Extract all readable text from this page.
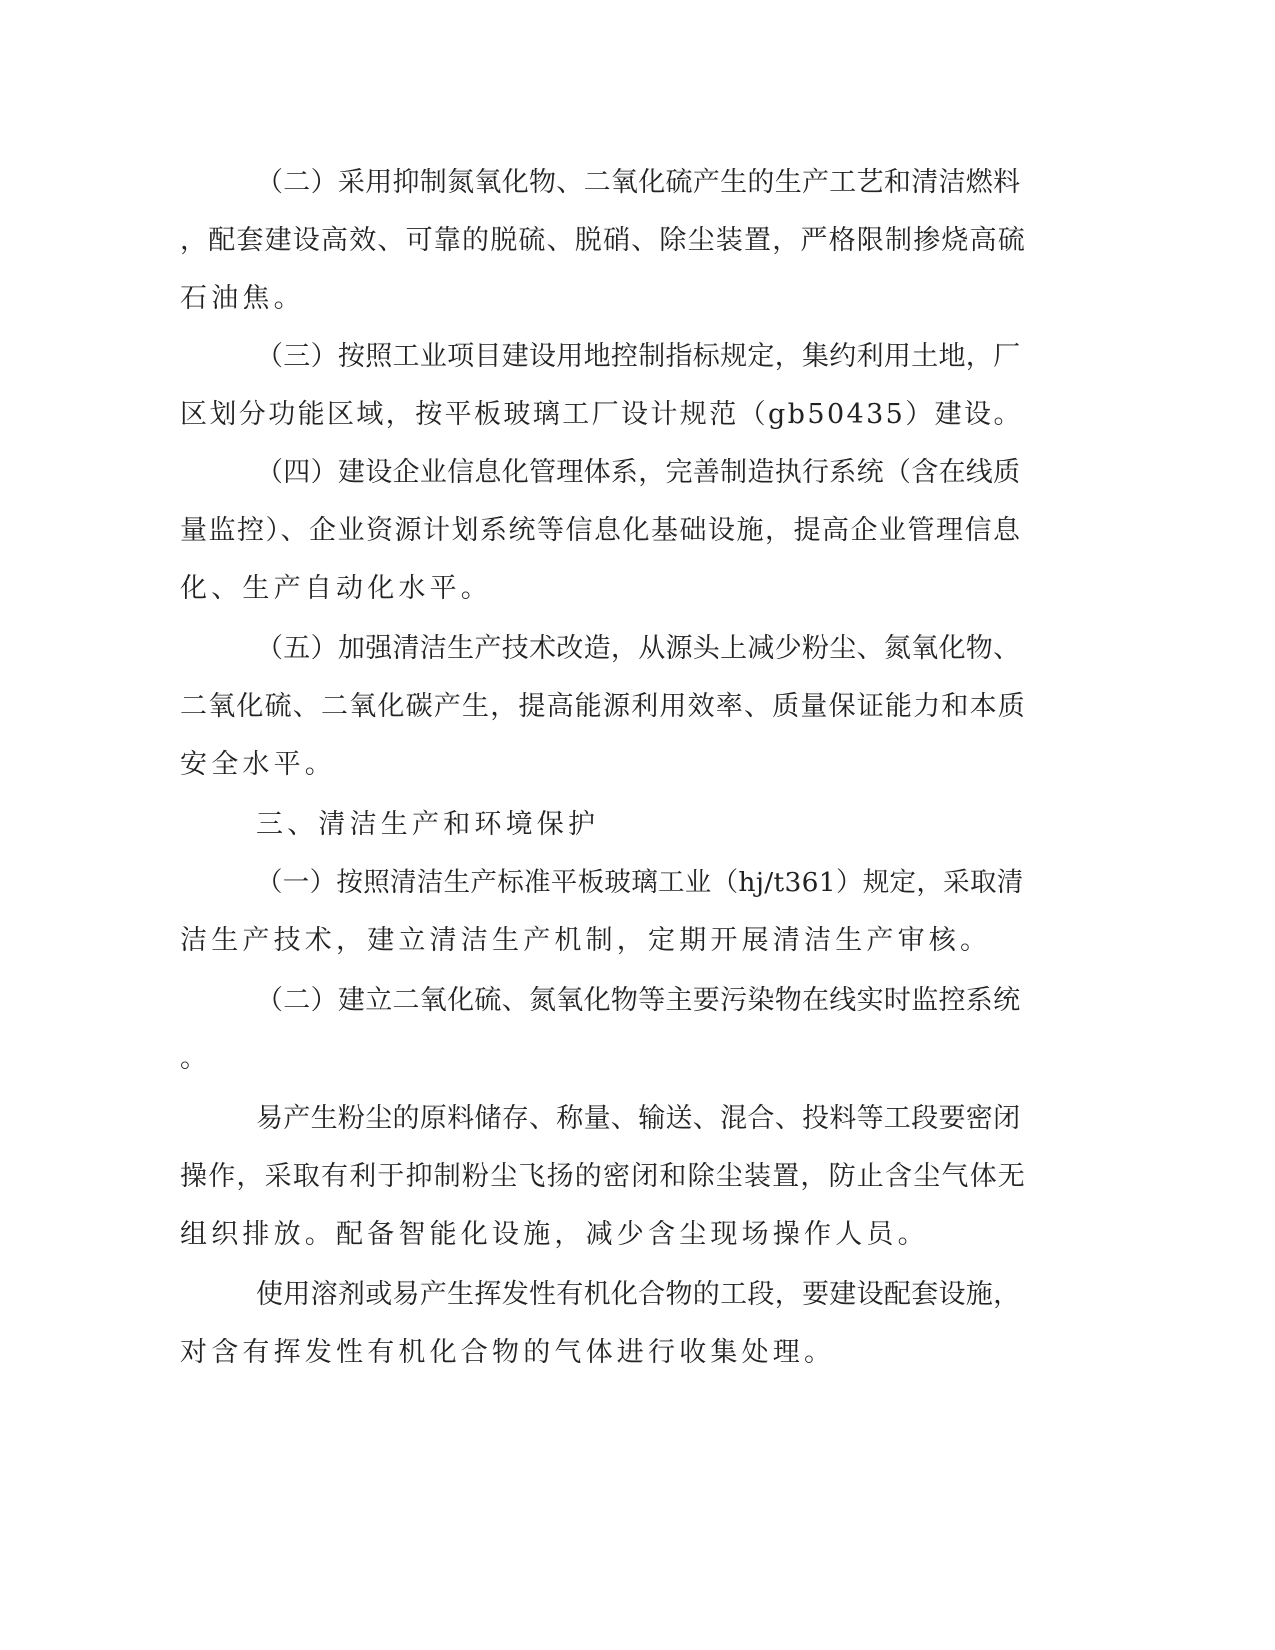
（二）采用抑制氮氧化物、二氧化硫产生的生产工艺和清洁燃料

，配套建设高效、可靠的脱硫、脱硝、除尘装置，严格限制掺烧高硫

石油焦。

（三）按照工业项目建设用地控制指标规定，集约利用土地，厂

区划分功能区域，按平板玻璃工厂设计规范（gb50435）建设。

（四）建设企业信息化管理体系，完善制造执行系统（含在线质

量监控）、企业资源计划系统等信息化基础设施，提高企业管理信息

化、生产自动化水平。

（五）加强清洁生产技术改造，从源头上减少粉尘、氮氧化物、

二氧化硫、二氧化碳产生，提高能源利用效率、质量保证能力和本质

安全水平。

三、清洁生产和环境保护

（一）按照清洁生产标准平板玻璃工业（hj/t361）规定，采取清

洁生产技术，建立清洁生产机制，定期开展清洁生产审核。

（二）建立二氧化硫、氮氧化物等主要污染物在线实时监控系统

。

易产生粉尘的原料储存、称量、输送、混合、投料等工段要密闭

操作，采取有利于抑制粉尘飞扬的密闭和除尘装置，防止含尘气体无

组织排放。配备智能化设施，减少含尘现场操作人员。

使用溶剂或易产生挥发性有机化合物的工段，要建设配套设施，

对含有挥发性有机化合物的气体进行收集处理。
